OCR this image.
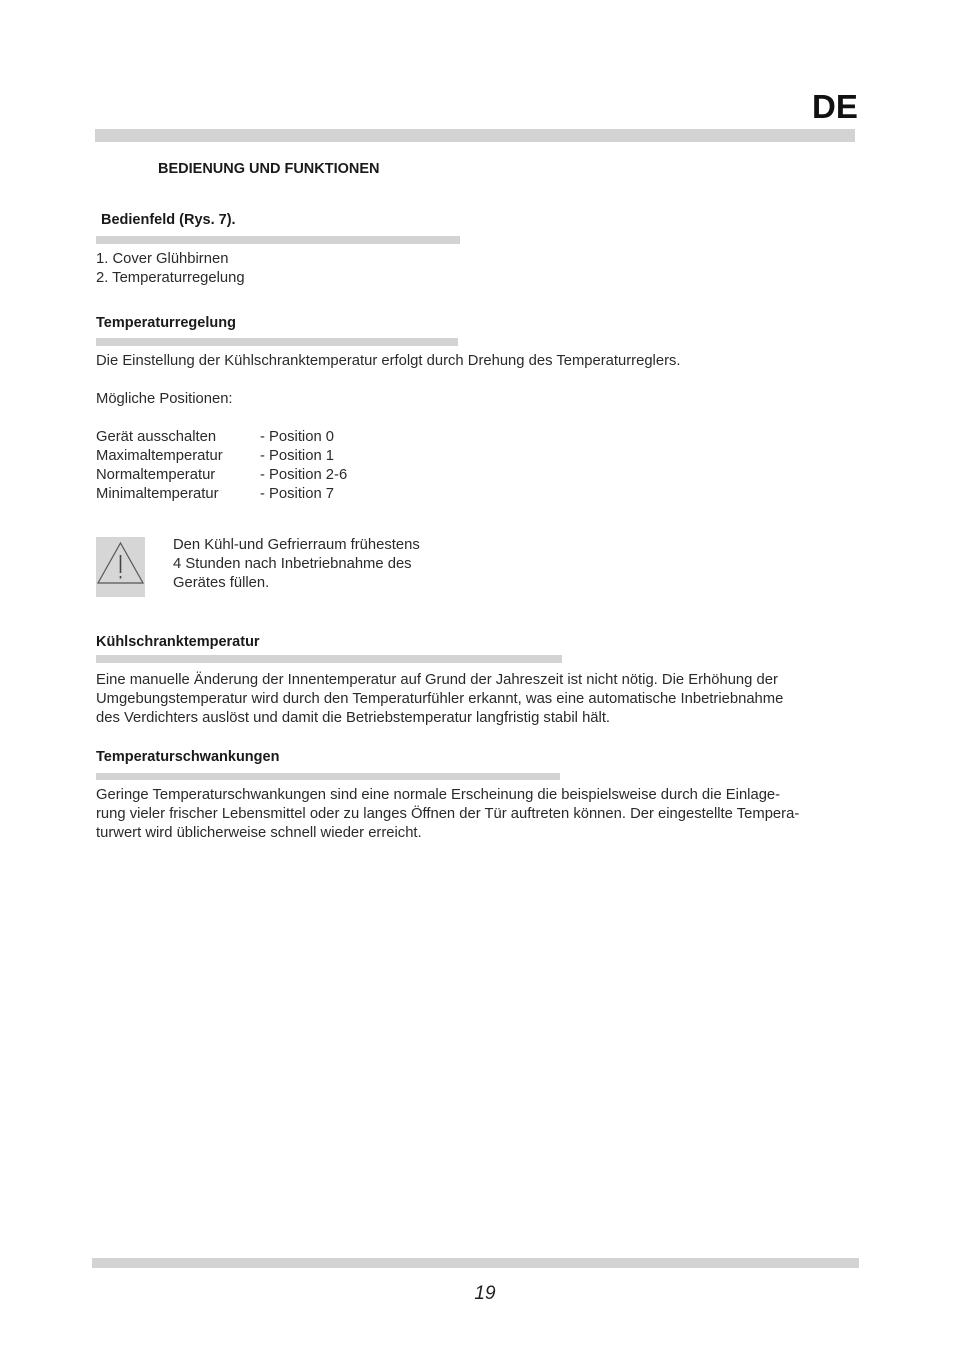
DE
BEDIENUNG UND FUNKTIONEN
Bedienfeld (Rys. 7).
1. Cover Glühbirnen
2. Temperaturregelung
Temperaturregelung
Die Einstellung der Kühlschranktemperatur erfolgt durch Drehung des Temperaturreglers.
Mögliche Positionen:
Gerät ausschalten	- Position 0
Maximaltemperatur	- Position 1
Normaltemperatur	- Position 2-6
Minimaltemperatur	- Position 7
Den Kühl-und Gefrierraum frühestens
4 Stunden nach Inbetriebnahme des
Gerätes füllen.
Kühlschranktemperatur
Eine manuelle Änderung der Innentemperatur auf Grund der Jahreszeit ist nicht nötig. Die Erhöhung der
Umgebungstemperatur wird durch den Temperaturfühler erkannt, was eine automatische Inbetriebnahme
des Verdichters auslöst und damit die Betriebstemperatur langfristig stabil hält.
Temperaturschwankungen
Geringe Temperaturschwankungen sind eine normale Erscheinung die beispielsweise durch die Einlage-
rung vieler frischer Lebensmittel oder zu langes Öffnen der Tür auftreten können. Der eingestellte Tempera-
turwert wird üblicherweise schnell wieder erreicht.
19
